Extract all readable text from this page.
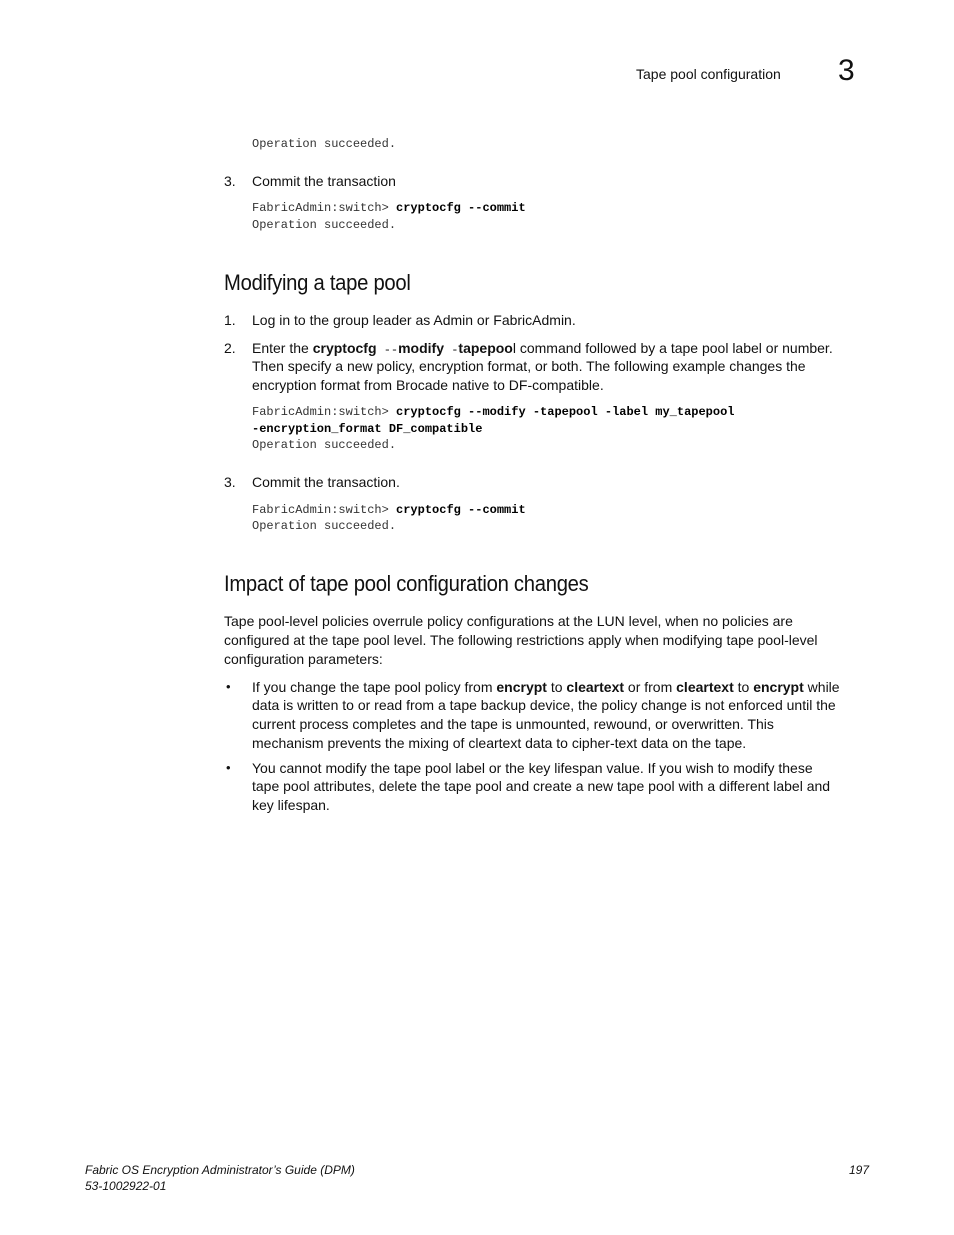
Tape pool configuration 3
Operation succeeded.
3.	Commit the transaction
FabricAdmin:switch> cryptocfg --commit
Operation succeeded.
Modifying a tape pool
1.	Log in to the group leader as Admin or FabricAdmin.
2.	Enter the cryptocfg --modify -tapepool command followed by a tape pool label or number.
Then specify a new policy, encryption format, or both. The following example changes the
encryption format from Brocade native to DF-compatible.
FabricAdmin:switch> cryptocfg --modify -tapepool -label my_tapepool
-encryption_format DF_compatible
Operation succeeded.
3.	Commit the transaction.
FabricAdmin:switch> cryptocfg --commit
Operation succeeded.
Impact of tape pool configuration changes
Tape pool-level policies overrule policy configurations at the LUN level, when no policies are
configured at the tape pool level. The following restrictions apply when modifying tape pool-level
configuration parameters:
• If you change the tape pool policy from encrypt to cleartext or from cleartext to encrypt while
data is written to or read from a tape backup device, the policy change is not enforced until the
current process completes and the tape is unmounted, rewound, or overwritten. This
mechanism prevents the mixing of cleartext data to cipher-text data on the tape.
• You cannot modify the tape pool label or the key lifespan value. If you wish to modify these
tape pool attributes, delete the tape pool and create a new tape pool with a different label and
key lifespan.
Fabric OS Encryption Administrator’s Guide (DPM)
53-1002922-01
197
